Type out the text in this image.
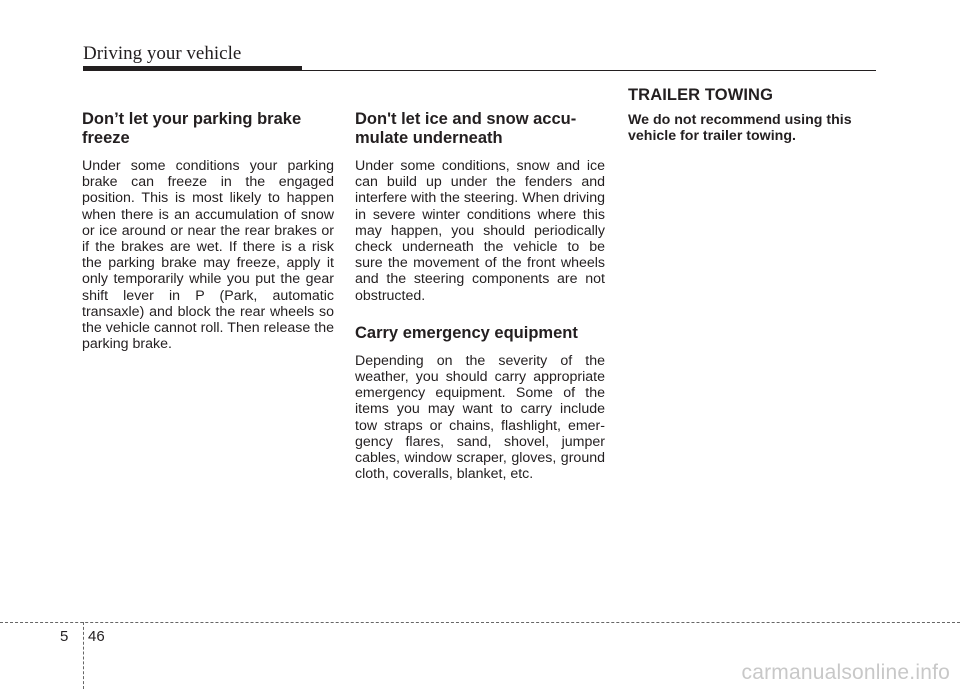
Driving your vehicle
Don’t let your parking brake freeze

Under some conditions your parking brake can freeze in the engaged position. This is most likely to happen when there is an accumulation of snow or ice around or near the rear brakes or if the brakes are wet. If there is a risk the parking brake may freeze, apply it only temporarily while you put the gear shift lever in P (Park, automatic transaxle) and block the rear wheels so the vehicle cannot roll. Then release the parking brake.

Don't let ice and snow accu- mulate underneath

Under some conditions, snow and ice can build up under the fenders and interfere with the steering. When driving in severe winter conditions where this may happen, you should periodically check underneath the vehicle to be sure the movement of the front wheels and the steering components are not obstructed.

Carry emergency equipment

Depending on the severity of the weather, you should carry appropriate emergency equipment. Some of the items you may want to carry include tow straps or chains, flashlight, emer- gency flares, sand, shovel, jumper cables, window scraper, gloves, ground cloth, coveralls, blanket, etc.

TRAILER TOWING

We do not recommend using this vehicle for trailer towing.

5 46
carmanualsonline.info
